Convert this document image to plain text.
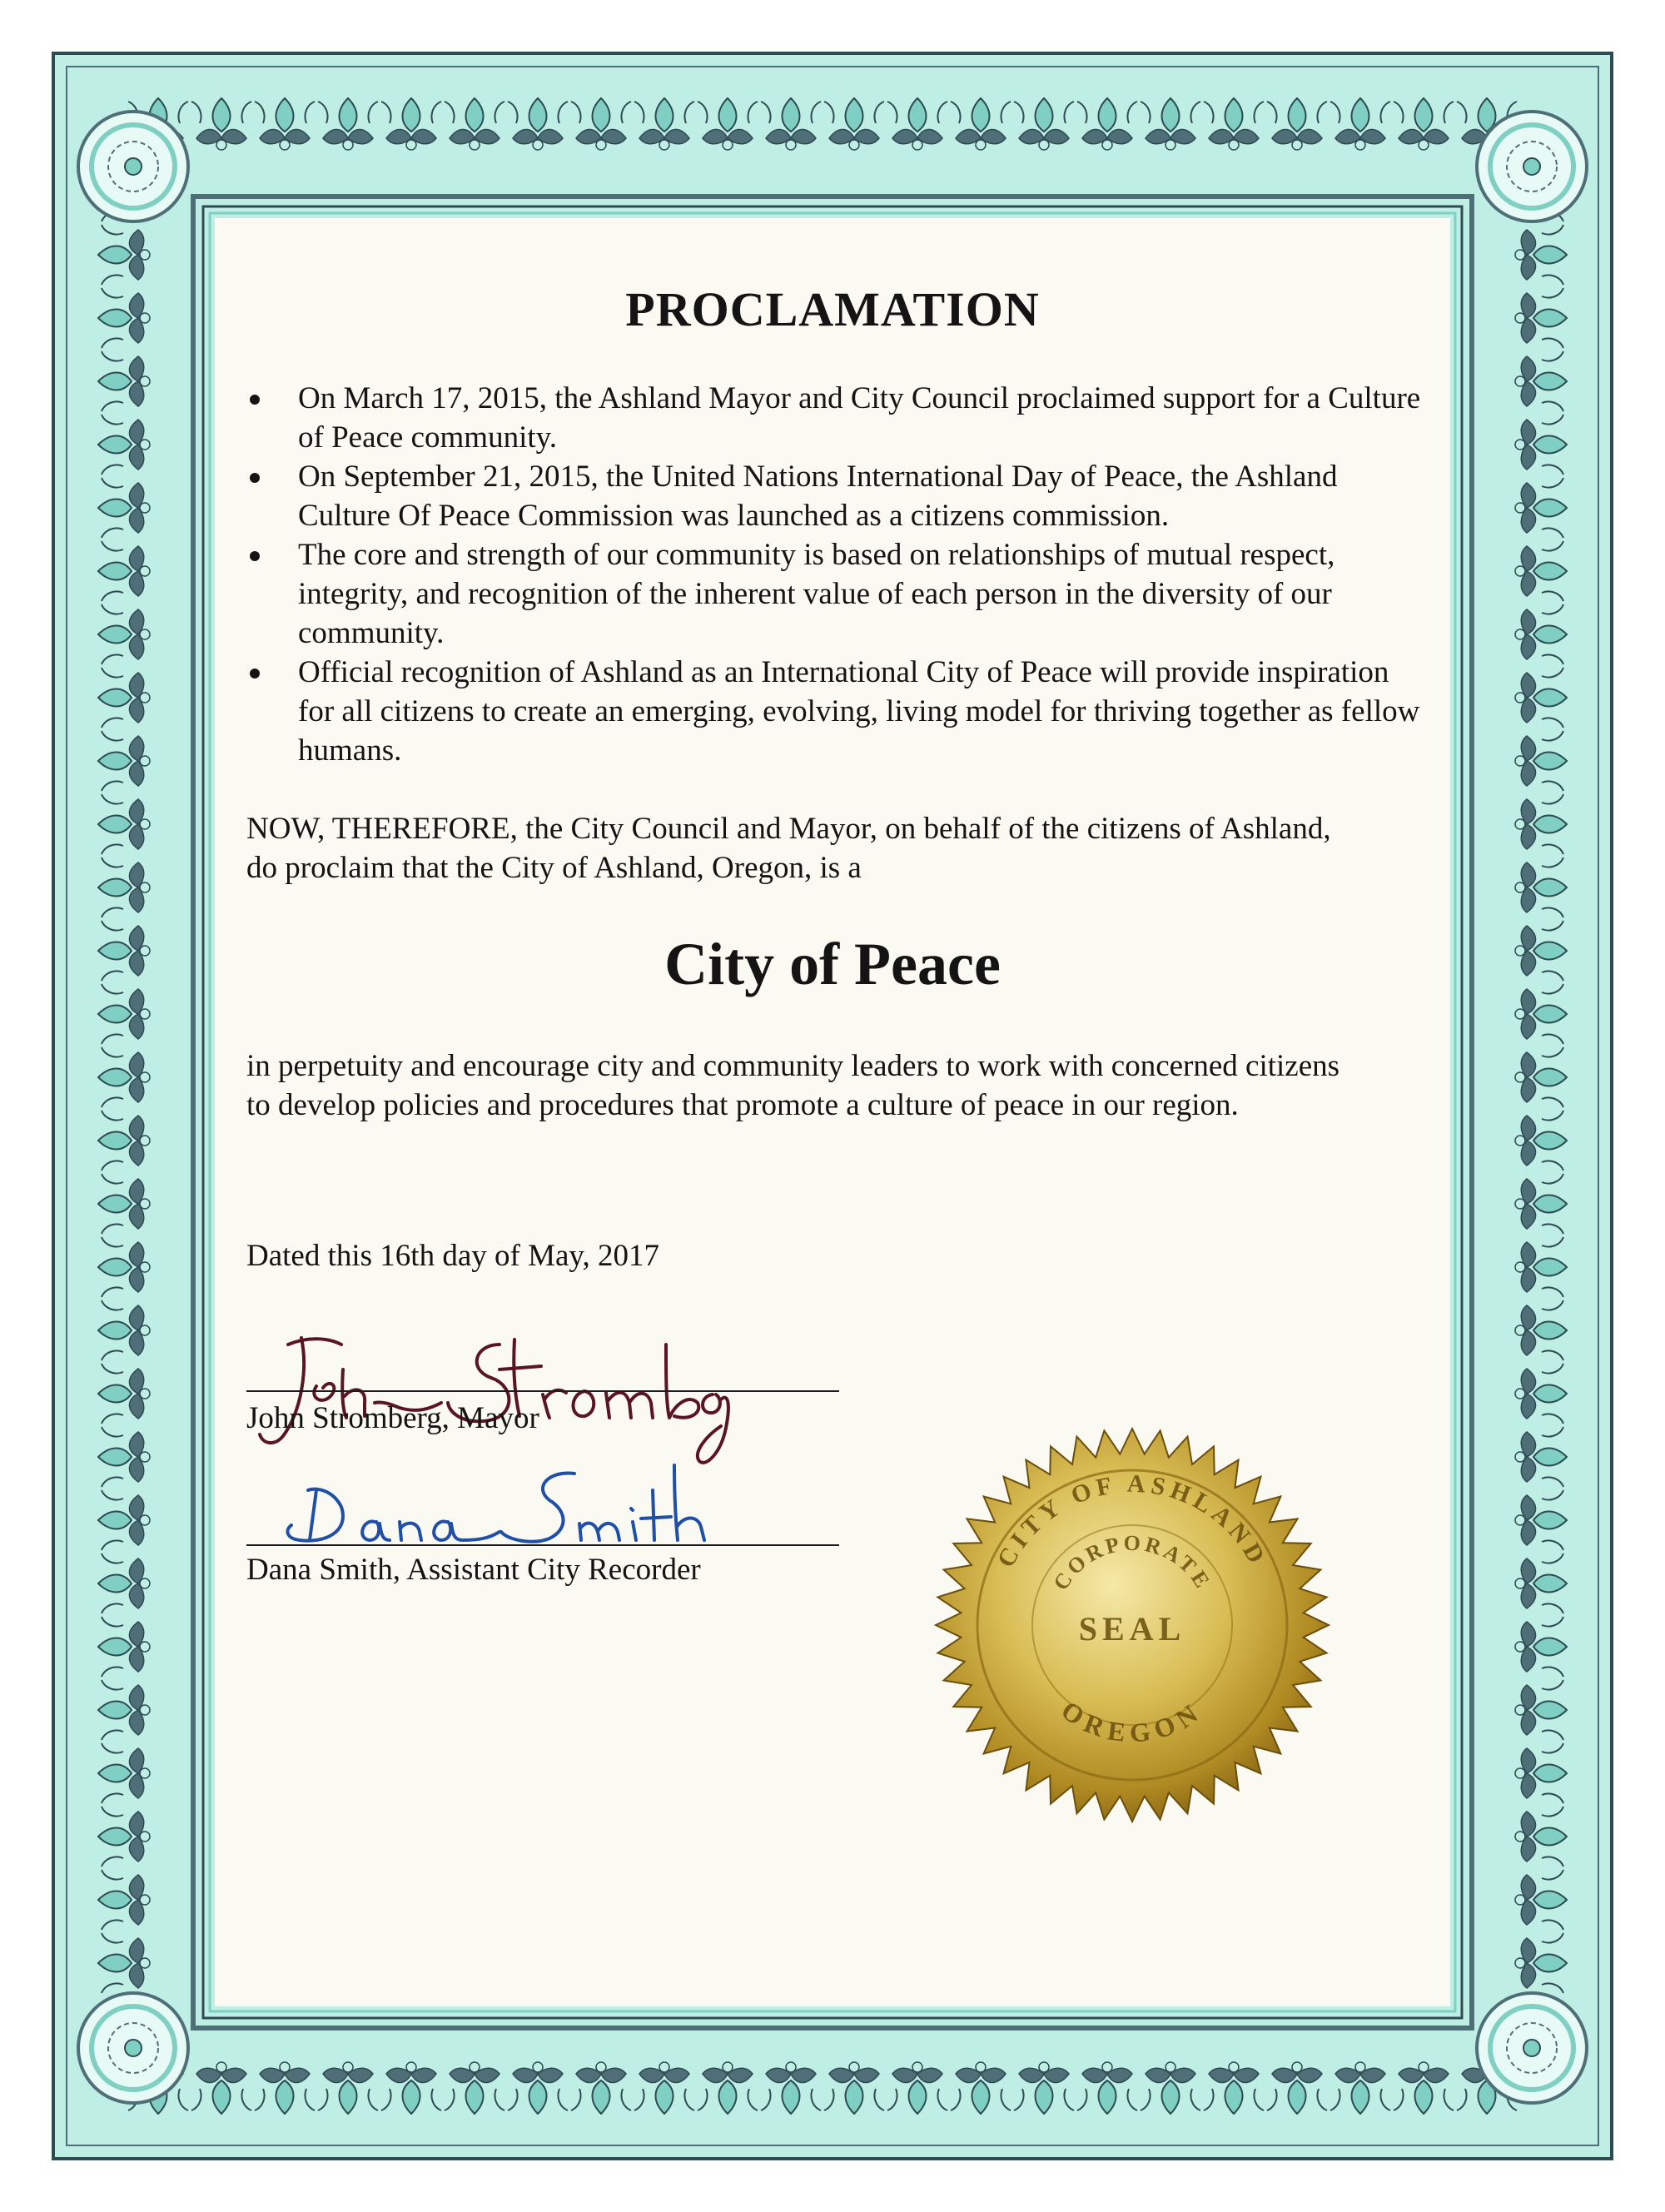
PROCLAMATION
On March 17, 2015, the Ashland Mayor and City Council proclaimed support for a Culture of Peace community.
On September 21, 2015, the United Nations International Day of Peace, the Ashland Culture Of Peace Commission was launched as a citizens commission.
The core and strength of our community is based on relationships of mutual respect, integrity, and recognition of the inherent value of each person in the diversity of our community.
Official recognition of Ashland as an International City of Peace will provide inspiration for all citizens to create an emerging, evolving, living model for thriving together as fellow humans.

NOW, THEREFORE, the City Council and Mayor, on behalf of the citizens of Ashland, do proclaim that the City of Ashland, Oregon, is a

City of Peace

in perpetuity and encourage city and community leaders to work with concerned citizens to develop policies and procedures that promote a culture of peace in our region.

Dated this 16th day of May, 2017

John Stromberg, Mayor

Dana Smith, Assistant City Recorder	CITY OF ASHLAND
CORPORATE
SEAL
OREGON
